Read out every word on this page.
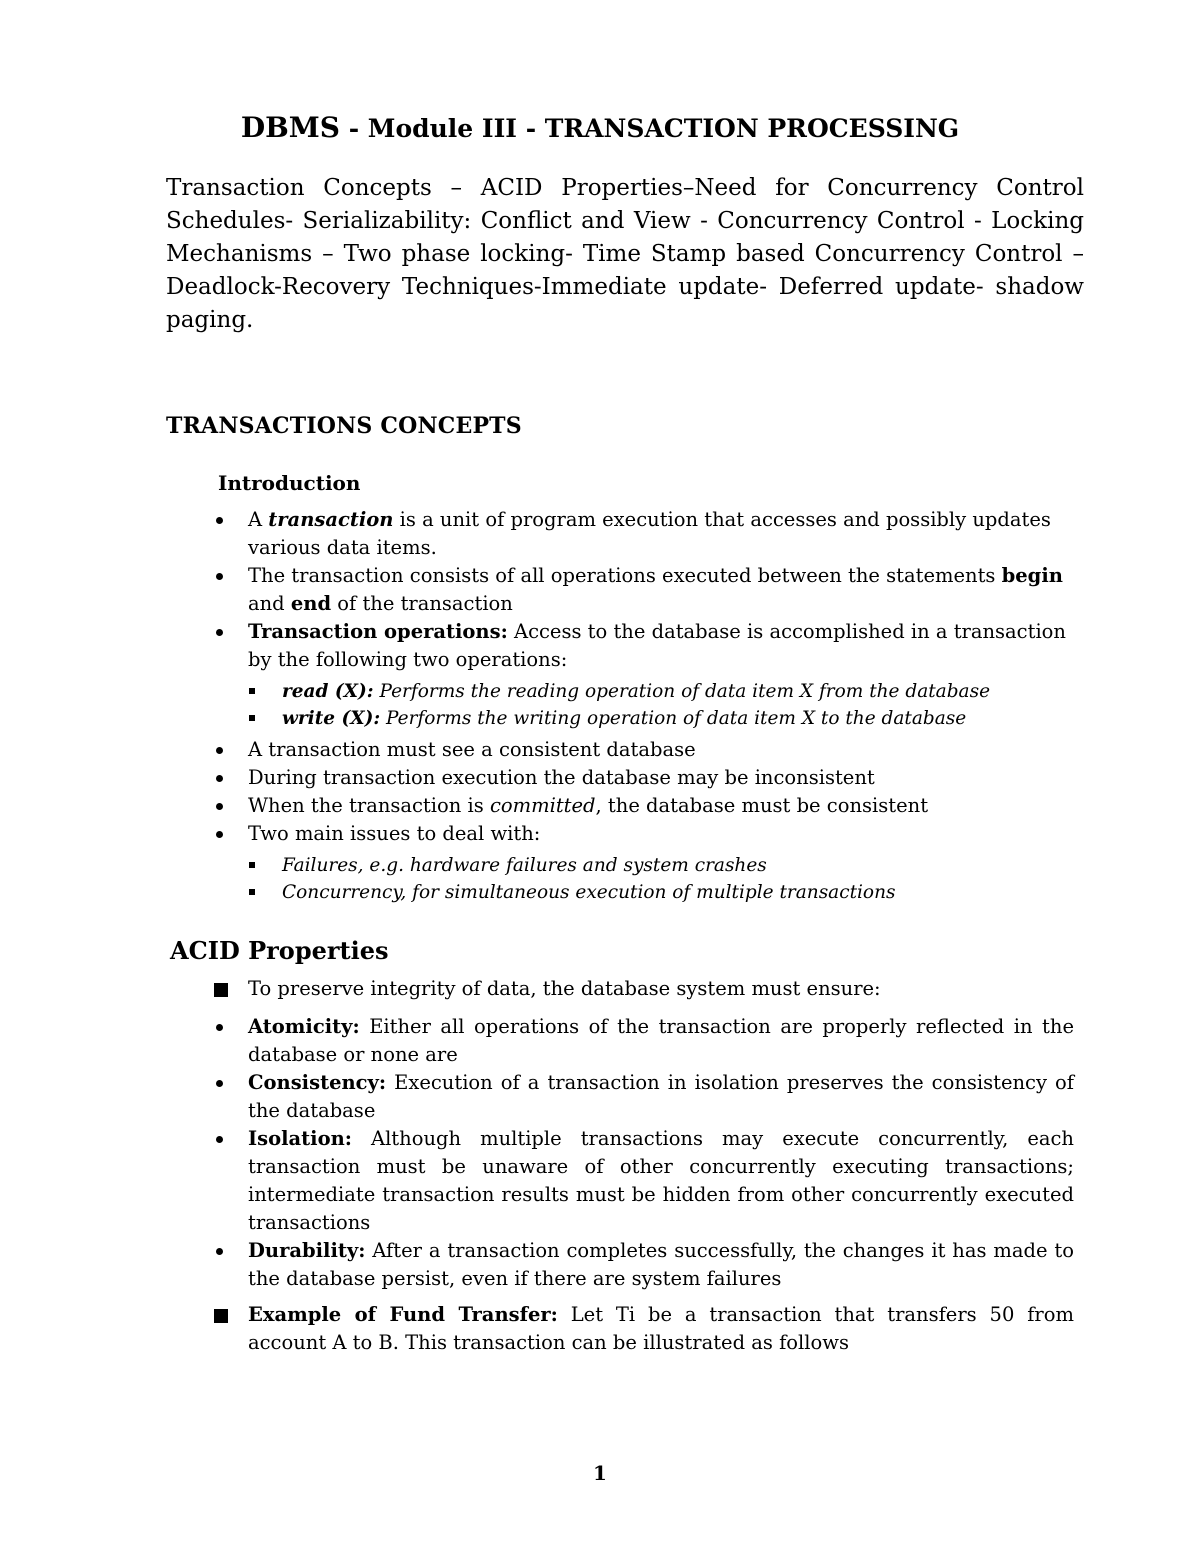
DBMS - Module III - TRANSACTION PROCESSING
Transaction Concepts – ACID Properties–Need for Concurrency Control Schedules- Serializability: Conflict and View - Concurrency Control - Locking Mechanisms – Two phase locking- Time Stamp based Concurrency Control – Deadlock-Recovery Techniques-Immediate update- Deferred update- shadow paging.
TRANSACTIONS CONCEPTS
Introduction
A transaction is a unit of program execution that accesses and possibly updates various data items.
The transaction consists of all operations executed between the statements begin and end of the transaction
Transaction operations: Access to the database is accomplished in a transaction by the following two operations:
read (X): Performs the reading operation of data item X from the database
write (X): Performs the writing operation of data item X to the database
A transaction must see a consistent database
During transaction execution the database may be inconsistent
When the transaction is committed, the database must be consistent
Two main issues to deal with:
Failures, e.g. hardware failures and system crashes
Concurrency, for simultaneous execution of multiple transactions
ACID Properties
To preserve integrity of data, the database system must ensure:
Atomicity: Either all operations of the transaction are properly reflected in the database or none are
Consistency: Execution of a transaction in isolation preserves the consistency of the database
Isolation: Although multiple transactions may execute concurrently, each transaction must be unaware of other concurrently executing transactions; intermediate transaction results must be hidden from other concurrently executed transactions
Durability: After a transaction completes successfully, the changes it has made to the database persist, even if there are system failures
Example of Fund Transfer: Let Ti be a transaction that transfers 50 from account A to B. This transaction can be illustrated as follows
1
